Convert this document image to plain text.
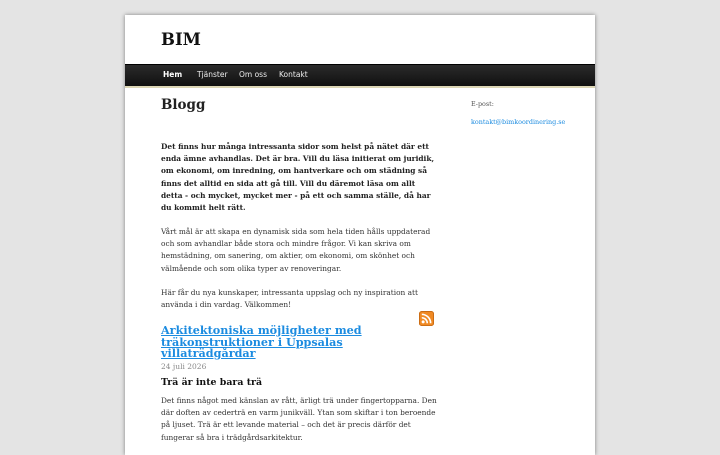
BIM
Hem Tjänster Om oss Kontakt
Blogg

Det finns hur många intressanta sidor som helst på nätet där ett enda ämne avhandlas. Det är bra. Vill du läsa initierat om juridik, om ekonomi, om inredning, om hantverkare och om städning så finns det alltid en sida att gå till. Vill du däremot läsa om allt detta - och mycket, mycket mer - på ett och samma ställe, då har du kommit helt rätt.

Vårt mål är att skapa en dynamisk sida som hela tiden hålls uppdaterad och som avhandlar både stora och mindre frågor. Vi kan skriva om hemstädning, om sanering, om aktier, om ekonomi, om skönhet och välmående och som olika typer av renoveringar.

Här får du nya kunskaper, intressanta uppslag och ny inspiration att använda i din vardag. Välkommen!

Arkitektoniska möjligheter med träkonstruktioner i Uppsalas villaträdgårdar
24 juli 2026
Trä är inte bara trä

Det finns något med känslan av rått, ärligt trä under fingertopparna. Den där doften av cederträ en varm junikväll. Ytan som skiftar i ton beroende på ljuset. Trä är ett levande material – och det är precis därför det fungerar så bra i trädgårdsarkitektur.

E-post:
kontakt@bimkoordinering.se
